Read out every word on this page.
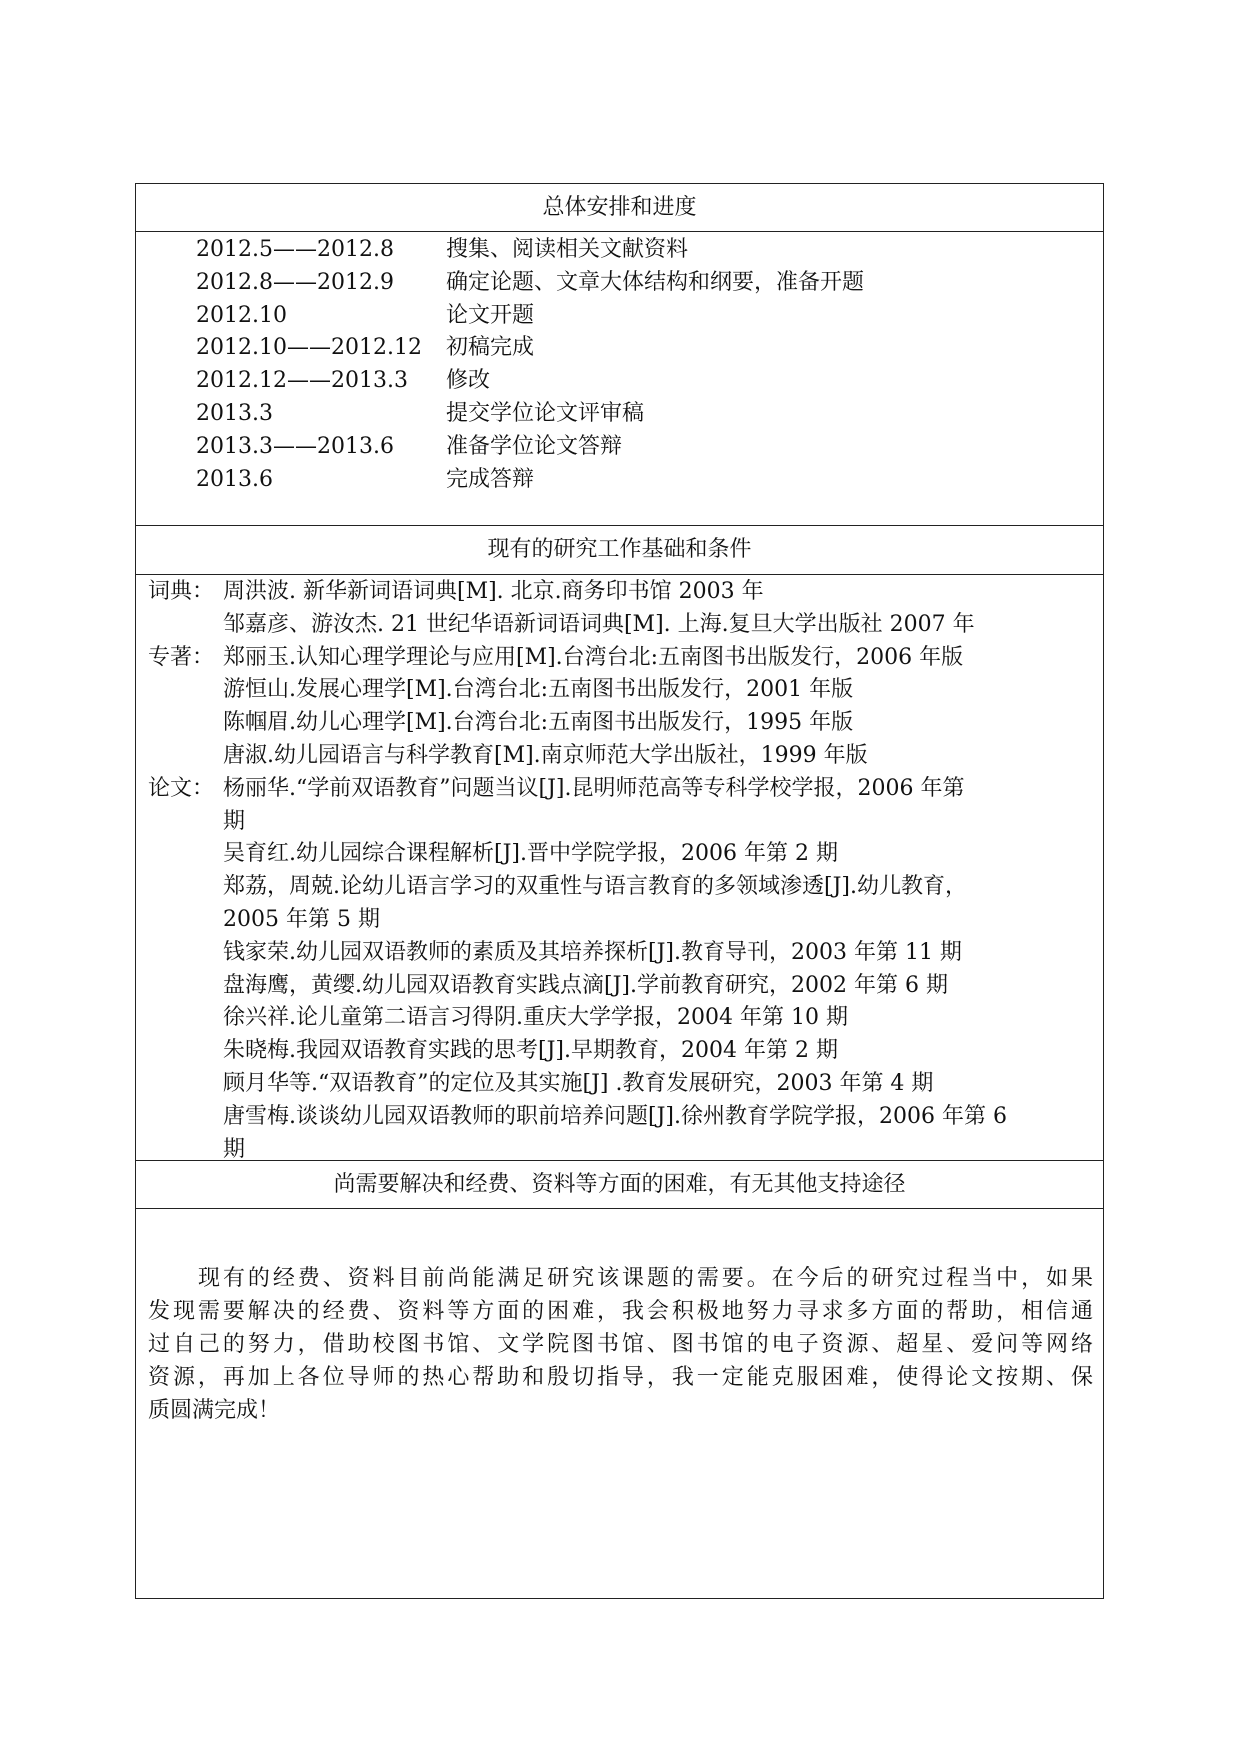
总体安排和进度
2012.5——2012.8 搜集、阅读相关文献资料
2012.8——2012.9 确定论题、文章大体结构和纲要，准备开题
2012.10	论文开题
2012.10——2012.12 初稿完成
2012.12——2013.3 修改
2013.3	提交学位论文评审稿
2013.3——2013.6 准备学位论文答辩
2013.6	完成答辩
现有的研究工作基础和条件
词典： 周洪波. 新华新词语词典[M]. 北京.商务印书馆 2003 年
邹嘉彦、游汝杰. 21 世纪华语新词语词典[M]. 上海.复旦大学出版社 2007 年
专著： 郑丽玉.认知心理学理论与应用[M].台湾台北:五南图书出版发行，2006 年版
游恒山.发展心理学[M].台湾台北:五南图书出版发行，2001 年版
陈帼眉.幼儿心理学[M].台湾台北:五南图书出版发行，1995 年版
唐淑.幼儿园语言与科学教育[M].南京师范大学出版社，1999 年版
论文： 杨丽华.“学前双语教育”问题当议[J].昆明师范高等专科学校学报，2006 年第
期
吴育红.幼儿园综合课程解析[J].晋中学院学报，2006 年第 2 期
郑荔，周兢.论幼儿语言学习的双重性与语言教育的多领域渗透[J].幼儿教育，
2005 年第 5 期
钱家荣.幼儿园双语教师的素质及其培养探析[J].教育导刊，2003 年第 11 期
盘海鹰，黄缨.幼儿园双语教育实践点滴[J].学前教育研究，2002 年第 6 期
徐兴祥.论儿童第二语言习得阴.重庆大学学报，2004 年第 10 期
朱晓梅.我园双语教育实践的思考[J].早期教育，2004 年第 2 期
顾月华等.“双语教育”的定位及其实施[J] .教育发展研究，2003 年第 4 期
唐雪梅.谈谈幼儿园双语教师的职前培养问题[J].徐州教育学院学报，2006 年第 6
期
尚需要解决和经费、资料等方面的困难，有无其他支持途径
现有的经费、资料目前尚能满足研究该课题的需要。在今后的研究过程当中，如果
发现需要解决的经费、资料等方面的困难，我会积极地努力寻求多方面的帮助，相信通
过自己的努力，借助校图书馆、文学院图书馆、图书馆的电子资源、超星、爱问等网络
资源，再加上各位导师的热心帮助和殷切指导，我一定能克服困难，使得论文按期、保
质圆满完成！
